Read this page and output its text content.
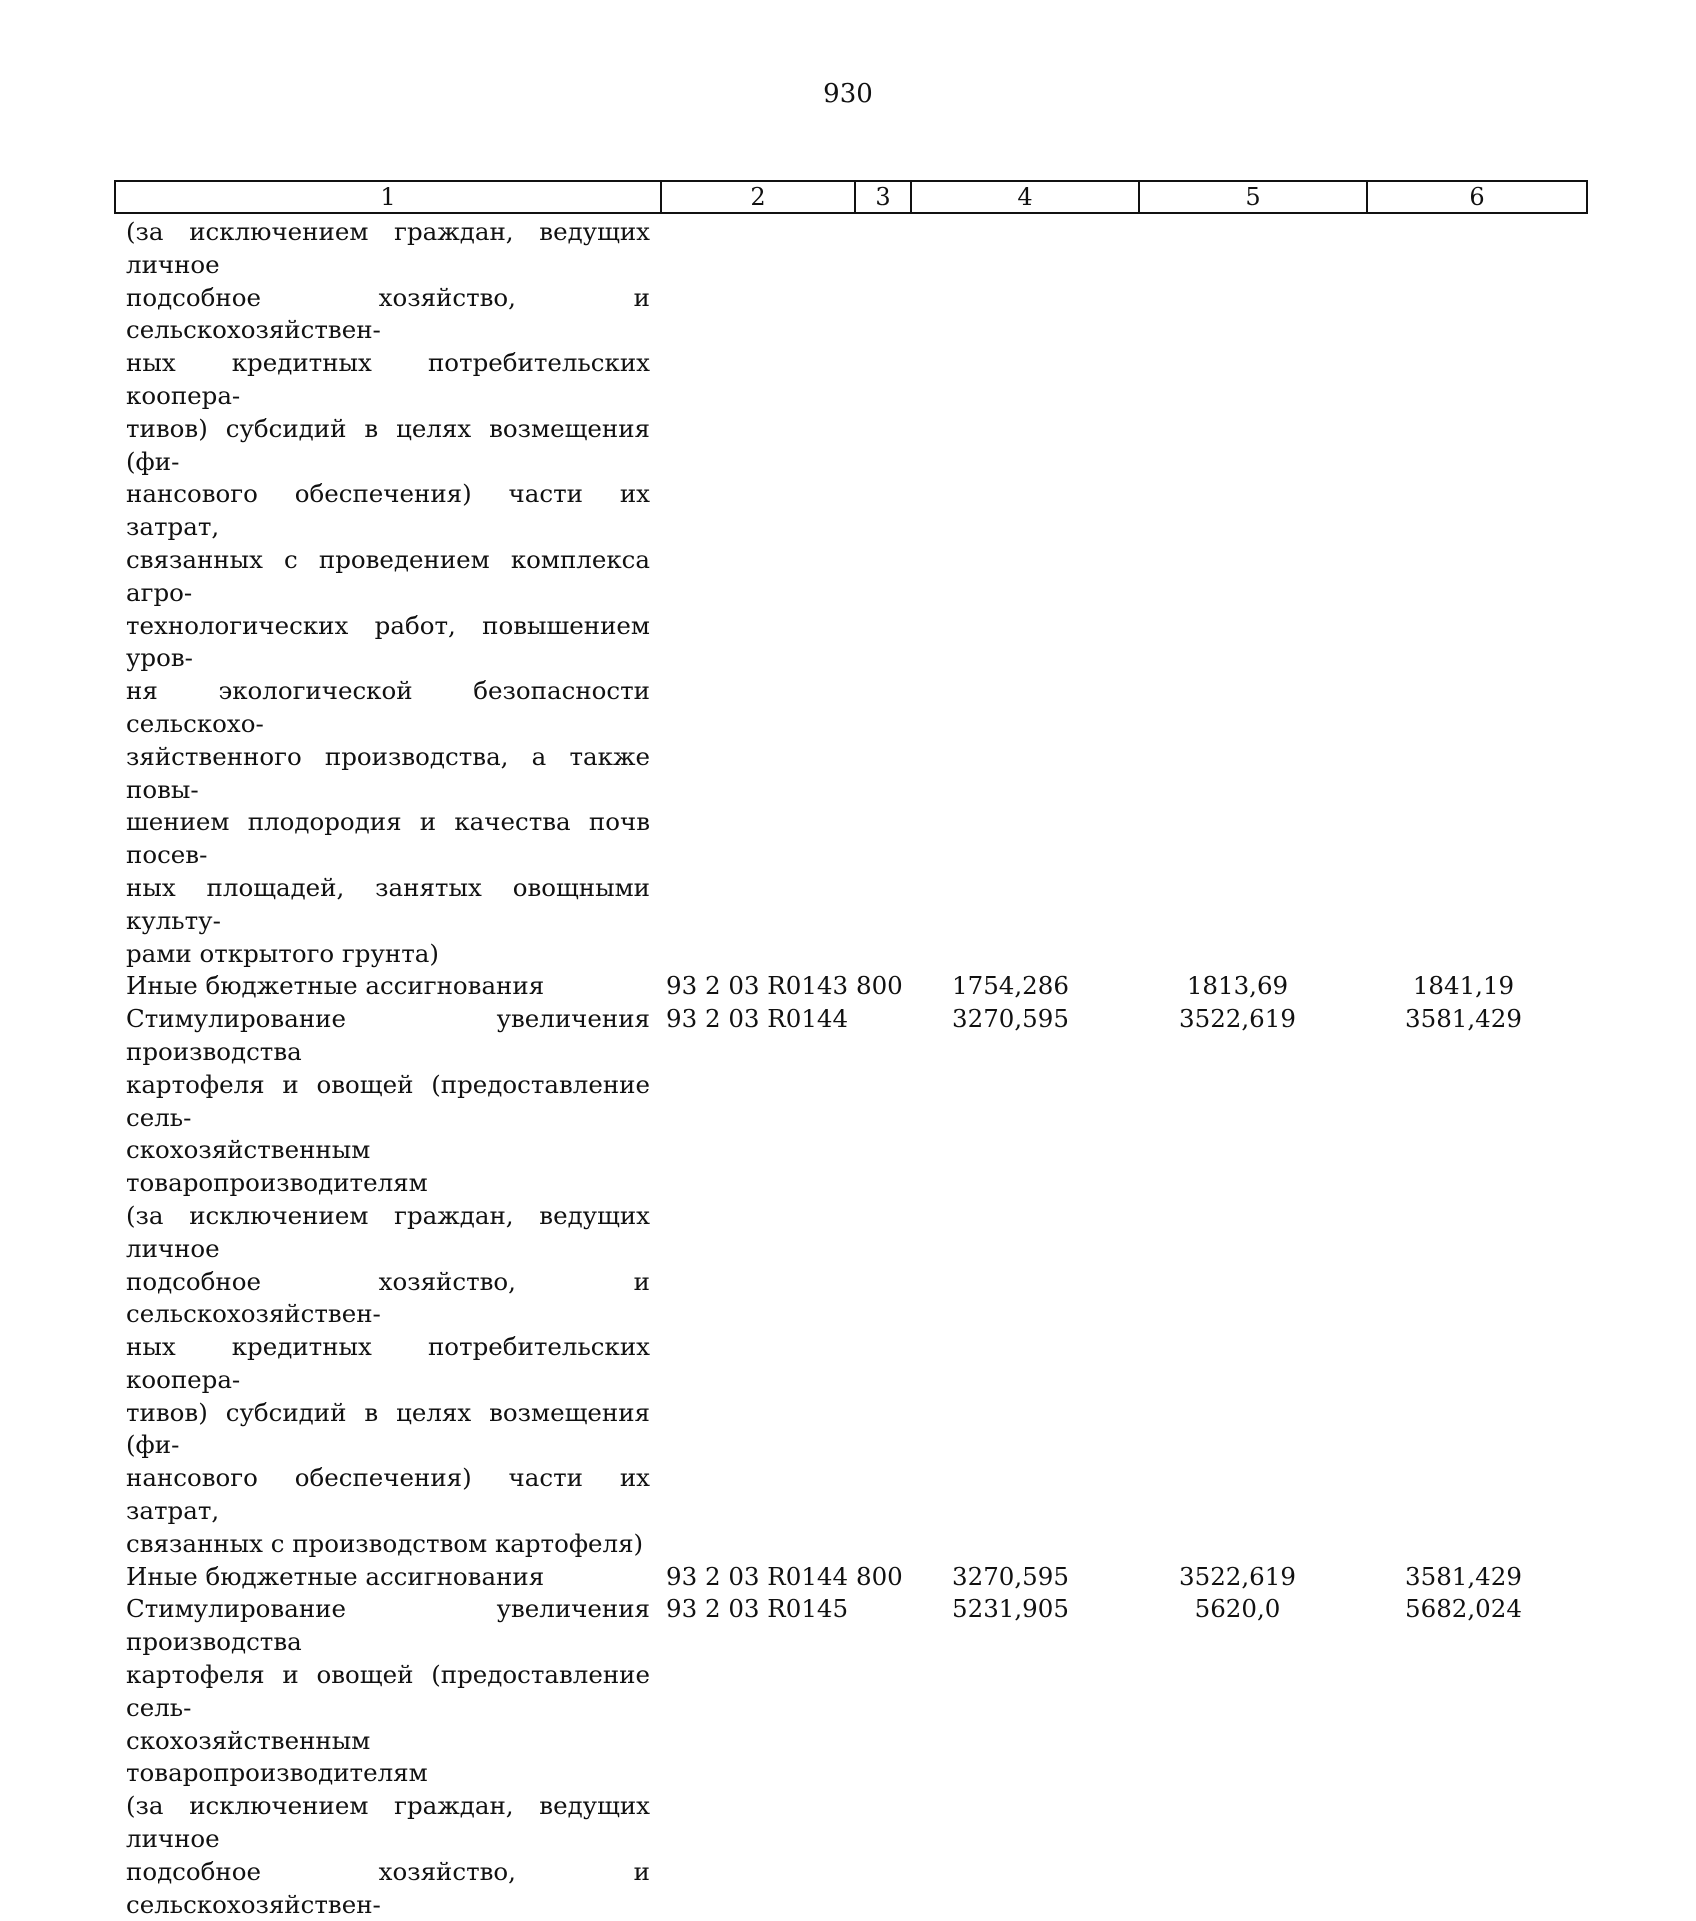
930
1	2	3	4	5	6
(за исключением граждан, ведущих личное
подсобное хозяйство, и сельскохозяйствен-
ных кредитных потребительских коопера-
тивов) субсидий в целях возмещения (фи-
нансового обеспечения) части их затрат,
связанных с проведением комплекса агро-
технологических работ, повышением уров-
ня экологической безопасности сельскохо-
зяйственного производства, а также повы-
шением плодородия и качества почв посев-
ных площадей, занятых овощными культу-
рами открытого грунта)
Иные бюджетные ассигнования	93 2 03 R0143 800	1754,286	1813,69	1841,19
Стимулирование увеличения производства
картофеля и овощей (предоставление сель-
скохозяйственным товаропроизводителям
(за исключением граждан, ведущих личное
подсобное хозяйство, и сельскохозяйствен-
ных кредитных потребительских коопера-
тивов) субсидий в целях возмещения (фи-
нансового обеспечения) части их затрат,
связанных с производством картофеля)
93 2 03 R0144	3270,595	3522,619	3581,429
Иные бюджетные ассигнования	93 2 03 R0144 800	3270,595	3522,619	3581,429
Стимулирование увеличения производства
картофеля и овощей (предоставление сель-
скохозяйственным товаропроизводителям
(за исключением граждан, ведущих личное
подсобное хозяйство, и сельскохозяйствен-
93 2 03 R0145	5231,905	5620,0	5682,024
